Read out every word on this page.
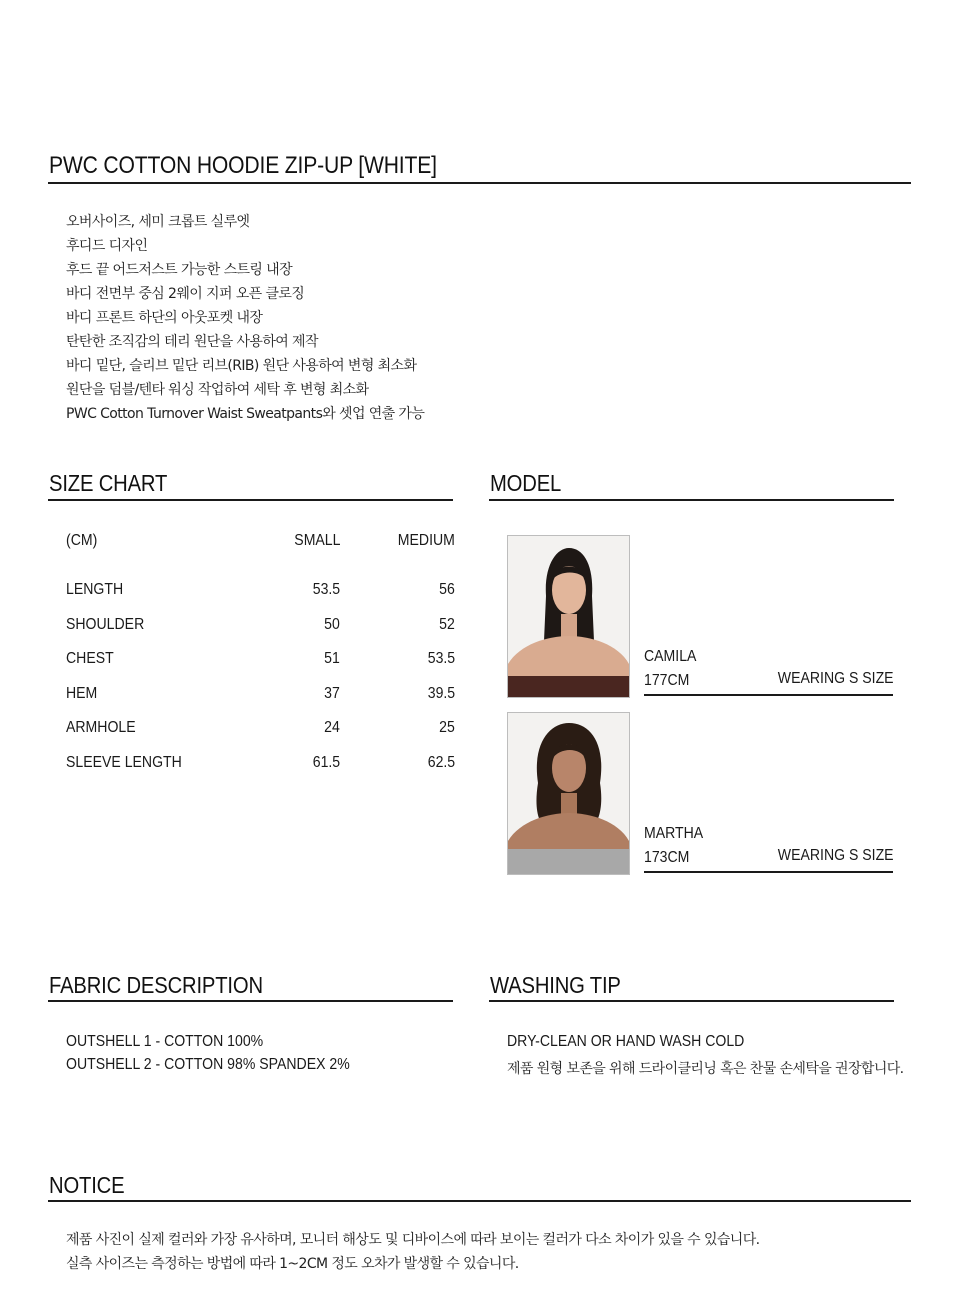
PWC COTTON HOODIE ZIP-UP [WHITE]
오버사이즈, 세미 크롭트 실루엣
후디드 디자인
후드 끝 어드저스트 가능한 스트링 내장
바디 전면부 중심 2웨이 지퍼 오픈 클로징
바디 프론트 하단의 아웃포켓 내장
탄탄한 조직감의 테리 원단을 사용하여 제작
바디 밑단, 슬리브 밑단 리브(RIB) 원단 사용하여 변형 최소화
원단을 덤블/텐타 워싱 작업하여 세탁 후 변형 최소화
PWC Cotton Turnover Waist Sweatpants와 셋업 연출 가능
SIZE CHART
(CM)	SMALL	MEDIUM
LENGTH	53.5	56
SHOULDER	50	52
CHEST	51	53.5
HEM	37	39.5
ARMHOLE	24	25
SLEEVE LENGTH	61.5	62.5
MODEL
CAMILA
177CM	WEARING S SIZE
MARTHA
173CM	WEARING S SIZE
FABRIC DESCRIPTION
OUTSHELL 1 - COTTON 100%
OUTSHELL 2 - COTTON 98% SPANDEX 2%
WASHING TIP
DRY-CLEAN OR HAND WASH COLD
제품 원형 보존을 위해 드라이클리닝 혹은 찬물 손세탁을 권장합니다.
NOTICE
제품 사진이 실제 컬러와 가장 유사하며, 모니터 해상도 및 디바이스에 따라 보이는 컬러가 다소 차이가 있을 수 있습니다.
실측 사이즈는 측정하는 방법에 따라 1~2CM 정도 오차가 발생할 수 있습니다.
